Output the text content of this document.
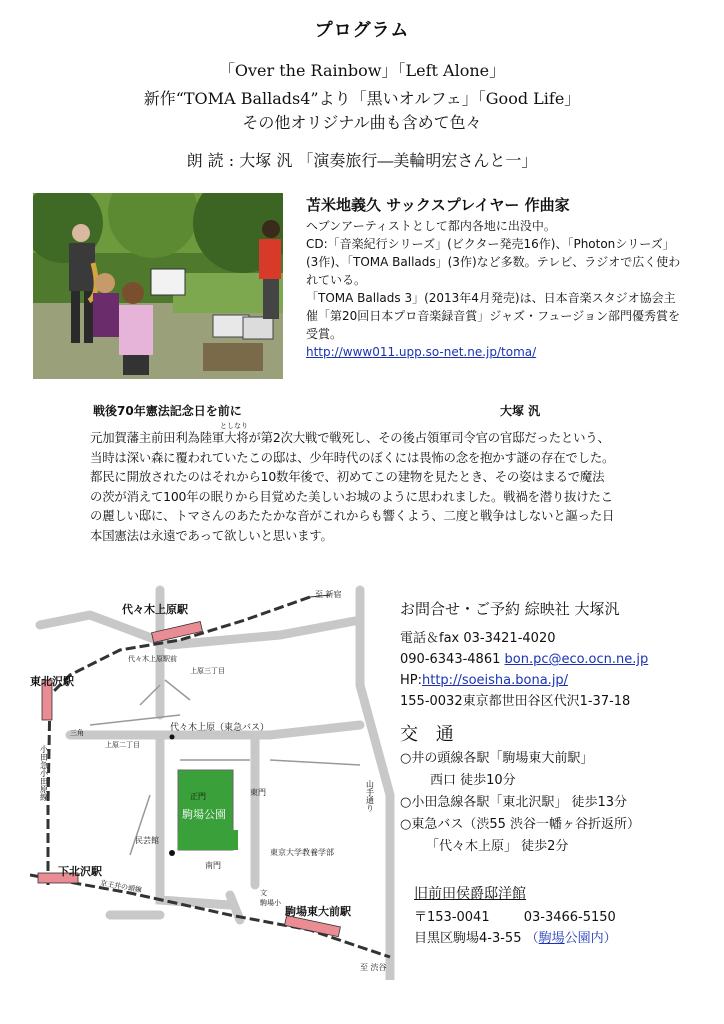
プログラム
「Over the Rainbow」「Left Alone」
新作“TOMA Ballads4”より「黒いオルフェ」「Good Life」
その他オリジナル曲も含めて色々
朗 読 : 大塚 汎 「演奏旅行―美輪明宏さんと一」
苫米地義久 サックスプレイヤー 作曲家
ヘブンアーティストとして都内各地に出没中。
CD:「音楽紀行シリーズ」(ビクター発売16作)、「Photonシリーズ」(3作)、「TOMA Ballads」(3作)など多数。テレビ、ラジオで広く使われている。
「TOMA Ballads 3」(2013年4月発売)は、日本音楽スタジオ協会主催「第20回日本プロ音楽録音賞」ジャズ・フュージョン部門優秀賞を受賞。
http://www011.upp.so-net.ne.jp/toma/
戦後70年憲法記念日を前に	大塚 汎
としなり
元加賀藩主前田利為陸軍大将が第2次大戦で戦死し、その後占領軍司令官の官邸だったという、当時は深い森に覆われていたこの邸は、少年時代のぼくには畏怖の念を抱かす謎の存在でした。都民に開放されたのはそれから10数年後で、初めてこの建物を見たとき、その姿はまるで魔法の茨が消えて100年の眠りから目覚めた美しいお城のように思われました。戦禍を潜り抜けたこの麗しい邸に、トマさんのあたたかな音がこれからも響くよう、二度と戦争はしないと謳った日本国憲法は永遠であって欲しいと思います。
代々木上原駅
東北沢駅
下北沢駅
駒場東大前駅
至 新宿
至 渋谷
代々木上原駅前
上原三丁目
三角
上原二丁目
代々木上原（東急バス）
正門
駒場公園
東門
南門
民芸館
東京大学教養学部
文
駒場小
小田急小田原線	山手通り
京王井の頭線
お問合せ・ご予約 綜映社 大塚汎
電話＆fax 03-3421-4020
090-6343-4861 bon.pc@eco.ocn.ne.jp
HP:http://soeisha.bona.jp/
155-0032東京都世田谷区代沢1-37-18
交 通
○井の頭線各駅「駒場東大前駅」
西口 徒歩10分
○小田急線各駅「東北沢駅」 徒歩13分
○東急バス（渋55 渋谷一幡ヶ谷折返所）
「代々木上原」 徒歩2分
旧前田侯爵邸洋館
〒153-0041	03-3466-5150
目黒区駒場4-3-55 （駒場公園内）
